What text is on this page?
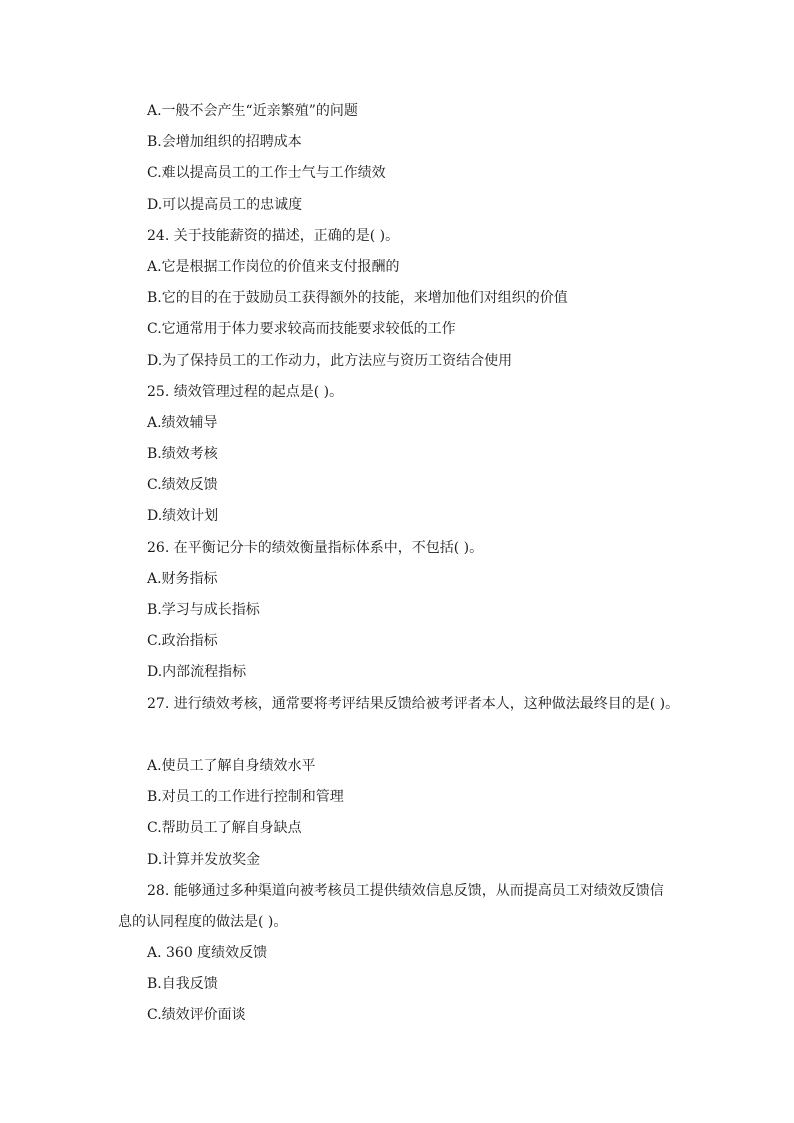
A.一般不会产生“近亲繁殖”的问题

B.会增加组织的招聘成本

C.难以提高员工的工作士气与工作绩效

D.可以提高员工的忠诚度

24. 关于技能薪资的描述，正确的是( )。

A.它是根据工作岗位的价值来支付报酬的

B.它的目的在于鼓励员工获得额外的技能，来增加他们对组织的价值

C.它通常用于体力要求较高而技能要求较低的工作

D.为了保持员工的工作动力，此方法应与资历工资结合使用

25. 绩效管理过程的起点是( )。

A.绩效辅导

B.绩效考核

C.绩效反馈

D.绩效计划

26. 在平衡记分卡的绩效衡量指标体系中，不包括( )。

A.财务指标

B.学习与成长指标

C.政治指标

D.内部流程指标

27. 进行绩效考核，通常要将考评结果反馈给被考评者本人，这种做法最终目的是( )。

A.使员工了解自身绩效水平

B.对员工的工作进行控制和管理

C.帮助员工了解自身缺点

D.计算并发放奖金

28. 能够通过多种渠道向被考核员工提供绩效信息反馈，从而提高员工对绩效反馈信

息的认同程度的做法是( )。

A. 360 度绩效反馈

B.自我反馈

C.绩效评价面谈
